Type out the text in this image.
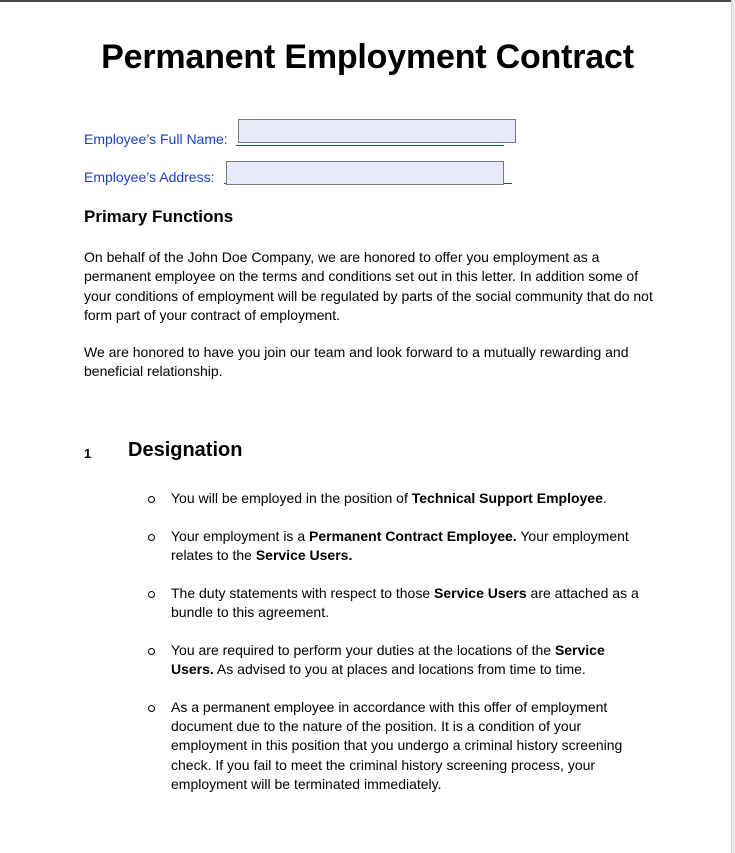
Permanent Employment Contract
Employee’s Full Name:
Employee’s Address:
Primary Functions
On behalf of the John Doe Company, we are honored to offer you employment as a permanent employee on the terms and conditions set out in this letter. In addition some of your conditions of employment will be regulated by parts of the social community that do not form part of your contract of employment.
We are honored to have you join our team and look forward to a mutually rewarding and beneficial relationship.
1 Designation
You will be employed in the position of Technical Support Employee.
Your employment is a Permanent Contract Employee. Your employment relates to the Service Users.
The duty statements with respect to those Service Users are attached as a bundle to this agreement.
You are required to perform your duties at the locations of the Service Users. As advised to you at places and locations from time to time.
As a permanent employee in accordance with this offer of employment document due to the nature of the position. It is a condition of your employment in this position that you undergo a criminal history screening check. If you fail to meet the criminal history screening process, your employment will be terminated immediately.
